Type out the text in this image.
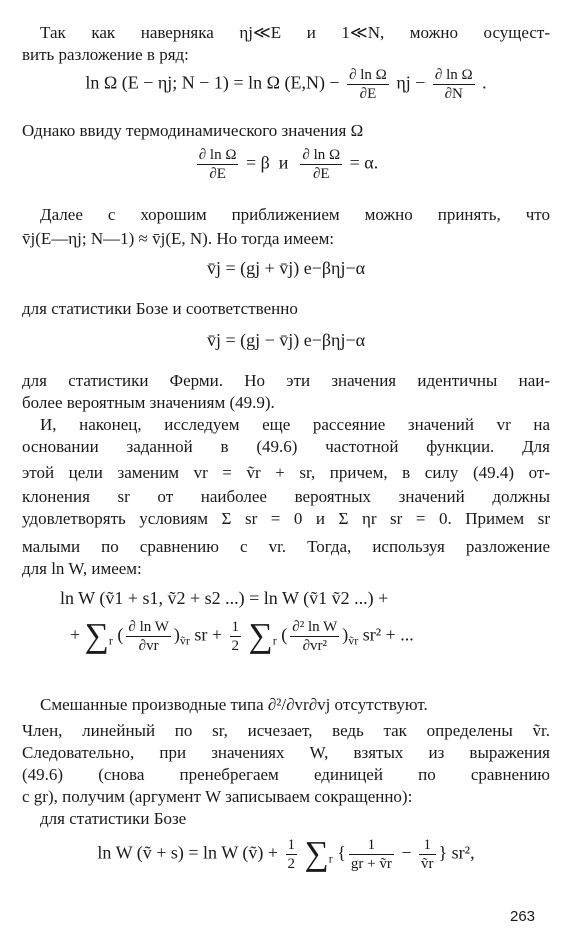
Так как наверняка ηj≪E и 1≪N, можно осущест-
вить разложение в ряд:
ln Ω (E − ηj; N − 1) = ln Ω $(E,N) - \frac{\text{∂ ln Ω}}{\partial E}$ $\eta j - \frac{\text{∂ ln Ω}}{\partial N}$ .
Однако ввиду термодинамического значения Ω
$\frac{\text{∂ ln Ω}}{\partial E} = \beta$ и $\frac{\text{∂ ln Ω}}{\partial E} = \alpha$.
Далее с хорошим приближением можно принять, что
v̄j(E—ηj; N—1) ≈ v̄j(E, N). Но тогда имеем:
v̄j = (gj + v̄j) e−βηj−α
для статистики Бозе и соответственно
v̄j = (gj − v̄j) e−βηj−α
для статистики Ферми. Но эти значения идентичны наи-
более вероятным значениям (49.9).
И, наконец, исследуем еще рассеяние значений vr на
основании заданной в (49.6) частотной функции. Для
этой цели заменим vr = ṽr + sr, причем, в силу (49.4) от-
клонения sr от наиболее вероятных значений должны
удовлетворять условиям Σ sr = 0 и Σ ηr sr = 0. Примем sr
малыми по сравнению с vr. Тогда, используя разложение
для ln W, имеем:
ln W (ṽ1 + s1, ṽ2 + s2 ...) = ln W (ṽ1 ṽ2 ...) +
+ $\sum_r$ ( $\frac{\text{∂ ln W}}{\partial vr} )_{ṽr}$ sr + $\frac{1}{2} \sum_r$ ( $\frac{\text{∂² ln W}}{\text{∂vr²}} )_{ṽr}$ sr² + ...
Смешанные производные типа ∂²/∂vr∂vj отсутствуют.
Член, линейный по sr, исчезает, ведь так определены ṽr.
Следовательно, при значениях W, взятых из выражения
(49.6) (снова пренебрегаем единицей по сравнению
с gr), получим (аргумент W записываем сокращенно):
для статистики Бозе
ln W (ṽ + s) = ln W (ṽ) + $\frac{1}{2} \sum_r$ { $\frac{1}{\text{gr + ṽr}} - \frac{1}{\text{ṽr}}$ } sr²,
263
